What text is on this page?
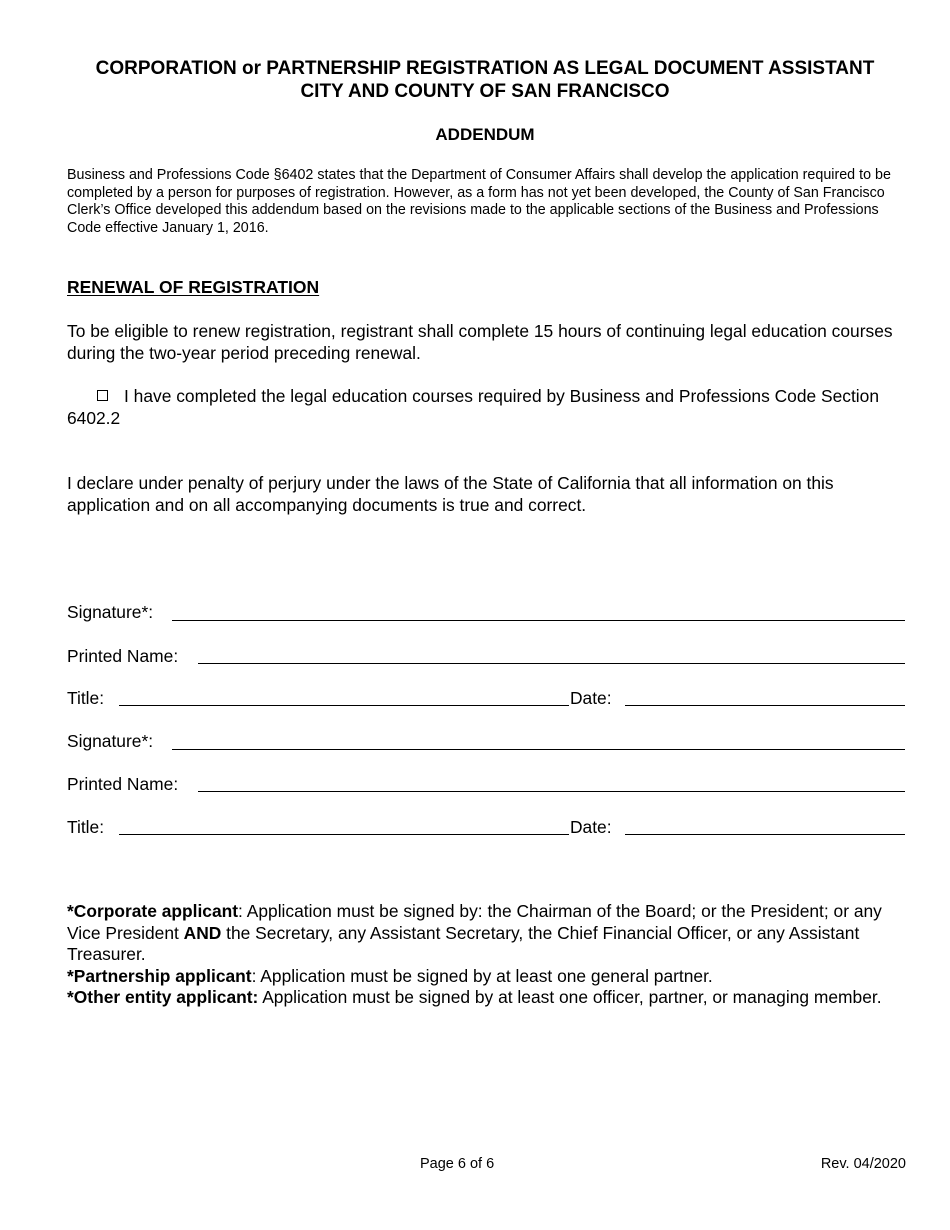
CORPORATION or PARTNERSHIP REGISTRATION AS LEGAL DOCUMENT ASSISTANT
CITY AND COUNTY OF SAN FRANCISCO
ADDENDUM
Business and Professions Code §6402 states that the Department of Consumer Affairs shall develop the application required to be completed by a person for purposes of registration. However, as a form has not yet been developed, the County of San Francisco Clerk’s Office developed this addendum based on the revisions made to the applicable sections of the Business and Professions Code effective January 1, 2016.
RENEWAL OF REGISTRATION
To be eligible to renew registration, registrant shall complete 15 hours of continuing legal education courses during the two-year period preceding renewal.
I have completed the legal education courses required by Business and Professions Code Section 6402.2
I declare under penalty of perjury under the laws of the State of California that all information on this application and on all accompanying documents is true and correct.
Signature*:
Printed Name:
Title:	Date:
Signature*:
Printed Name:
Title:	Date:

*Corporate applicant: Application must be signed by: the Chairman of the Board; or the President; or any Vice President AND the Secretary, any Assistant Secretary, the Chief Financial Officer, or any Assistant Treasurer.

*Partnership applicant: Application must be signed by at least one general partner.

*Other entity applicant: Application must be signed by at least one officer, partner, or managing member.

Page 6 of 6	Rev. 04/2020
